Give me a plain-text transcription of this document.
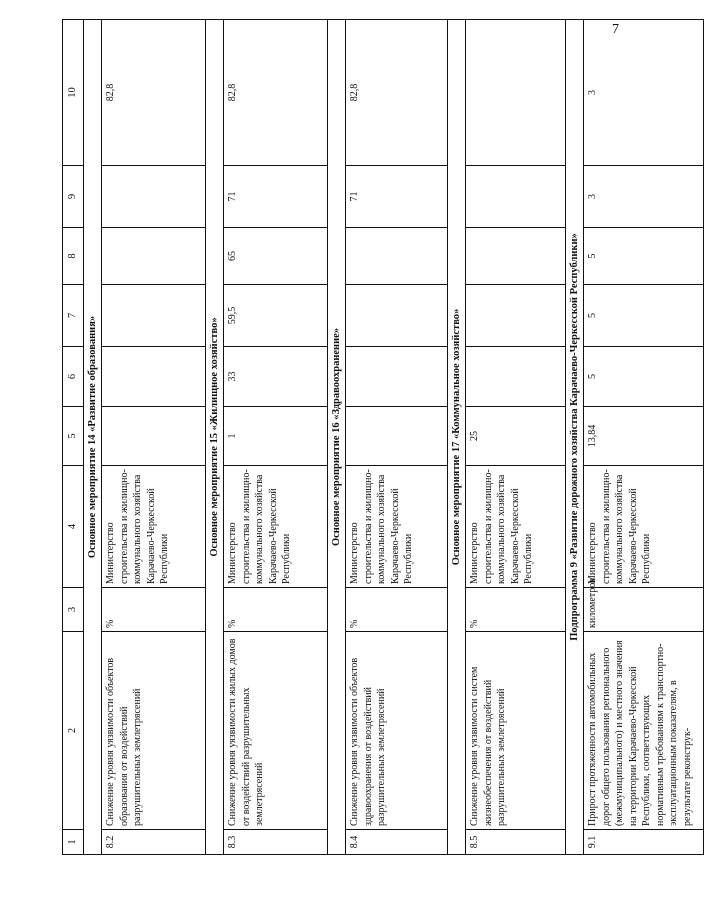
7
1	2	3	4	5	6	7	8	9	10
Основное мероприятие 14 «Развитие образования»									
8.2	Снижение уровня уязвимости объектов образования от воздействий разрушительных землетрясений	%	Министерство строительства и жилищно-коммунального хозяйства Карачаево-Черкесской Республики						82,8
Основное мероприятие 15 «Жилищное хозяйство»									
8.3	Снижение уровня уязвимости жилых домов от воздействий разрушительных землетрясений	%	Министерство строительства и жилищно-коммунального хозяйства Карачаево-Черкесской Республики	1	33	59,5	65	71	82,8
Основное мероприятие 16 «Здравоохранение»									
8.4	Снижение уровня уязвимости объектов здравоохранения от воздействий разрушительных землетрясений	%	Министерство строительства и жилищно-коммунального хозяйства Карачаево-Черкесской Республики					71	82,8
Основное мероприятие 17 «Коммунальное хозяйство»									
8.5	Снижение уровня уязвимости систем жизнеобеспечения от воздействий разрушительных землетрясений	%	Министерство строительства и жилищно-коммунального хозяйства Карачаево-Черкесской Республики	25					
Подпрограмма 9 «Развитие дорожного хозяйства Карачаево-Черкесской Республики»									
9.1	Прирост протяженности автомобильных дорог общего пользования регионального (межмуниципального) и местного значения на территории Карачаево-Черкесской Республики, соответствующих нормативным требованиям к транспортно-эксплуатационным показателям, в результате реконструк-	километров	Министерство строительства и жилищно-коммунального хозяйства Карачаево-Черкесской Республики	13,84	5	5	5	3	3
